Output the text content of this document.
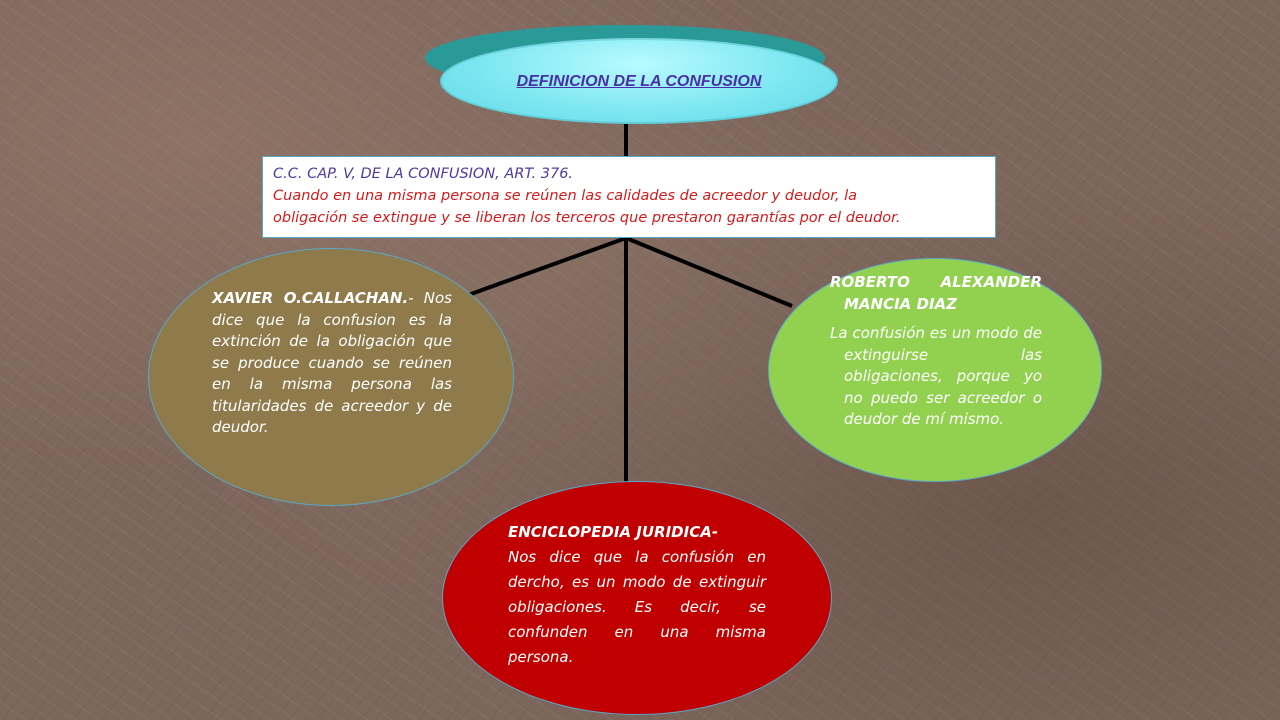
DEFINICION DE LA CONFUSION
C.C. CAP. V, DE LA CONFUSION, ART. 376.
Cuando en una misma persona se reúnen las calidades de acreedor y deudor, la
obligación se extingue y se liberan los terceros que prestaron garantías por el deudor.
XAVIER O.CALLACHAN.- Nos dice que la confusion es la extinción de la obligación que se produce cuando se reúnen en la misma persona las titularidades de acreedor y de deudor.
ROBERTO ALEXANDER MANCIA DIAZ
La confusión es un modo de extinguirse las obligaciones, porque yo no puedo ser acreedor o deudor de mí mismo.
ENCICLOPEDIA JURIDICA-
Nos dice que la confusión en dercho, es un modo de extinguir obligaciones. Es decir, se confunden en una misma persona.
